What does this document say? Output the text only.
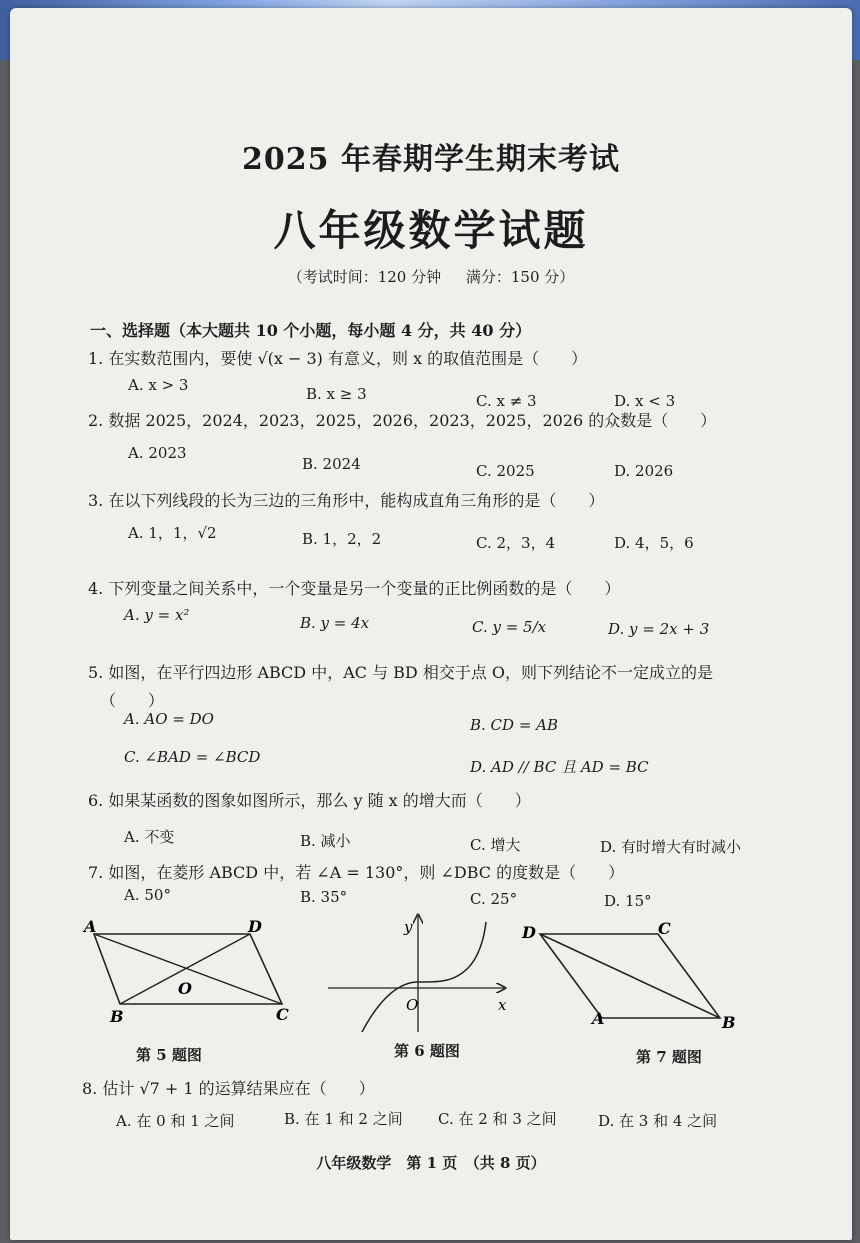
2025 年春期学生期末考试
八年级数学试题
（考试时间：120 分钟 满分：150 分）
一、选择题（本大题共 10 个小题，每小题 4 分，共 40 分）
1. 在实数范围内，要使 √(x − 3) 有意义，则 x 的取值范围是（　　）
A. x > 3	B. x ≥ 3	C. x ≠ 3	D. x < 3
2. 数据 2025，2024，2023，2025，2026，2023，2025，2026 的众数是（　　）
A. 2023
B. 2024	C. 2025	D. 2026
3. 在以下列线段的长为三边的三角形中，能构成直角三角形的是（　　）
A. 1，1，√2	B. 1，2，2	C. 2，3，4	D. 4，5，6
4. 下列变量之间关系中，一个变量是另一个变量的正比例函数的是（　　）
A. y = x²	B. y = 4x	C. y = 5/x	D. y = 2x + 3
5. 如图，在平行四边形 ABCD 中，AC 与 BD 相交于点 O，则下列结论不一定成立的是
（　　）
A. AO = DO	B. CD = AB
C. ∠BAD = ∠BCD
D. AD // BC 且 AD = BC
6. 如果某函数的图象如图所示，那么 y 随 x 的增大而（　　）
A. 不变	B. 减小	C. 增大	D. 有时增大有时减小
7. 如图，在菱形 ABCD 中，若 ∠A = 130°，则 ∠DBC 的度数是（　　）
A. 50°	B. 35°	C. 25°	D. 15°
A	D
O
B	C
第 5 题图
y
O	x
第 6 题图
D	C
A	B
第 7 题图
8. 估计 √7 + 1 的运算结果应在（　　）
A. 在 0 和 1 之间	B. 在 1 和 2 之间 C. 在 2 和 3 之间	D. 在 3 和 4 之间
八年级数学　第 1 页　（共 8 页）
